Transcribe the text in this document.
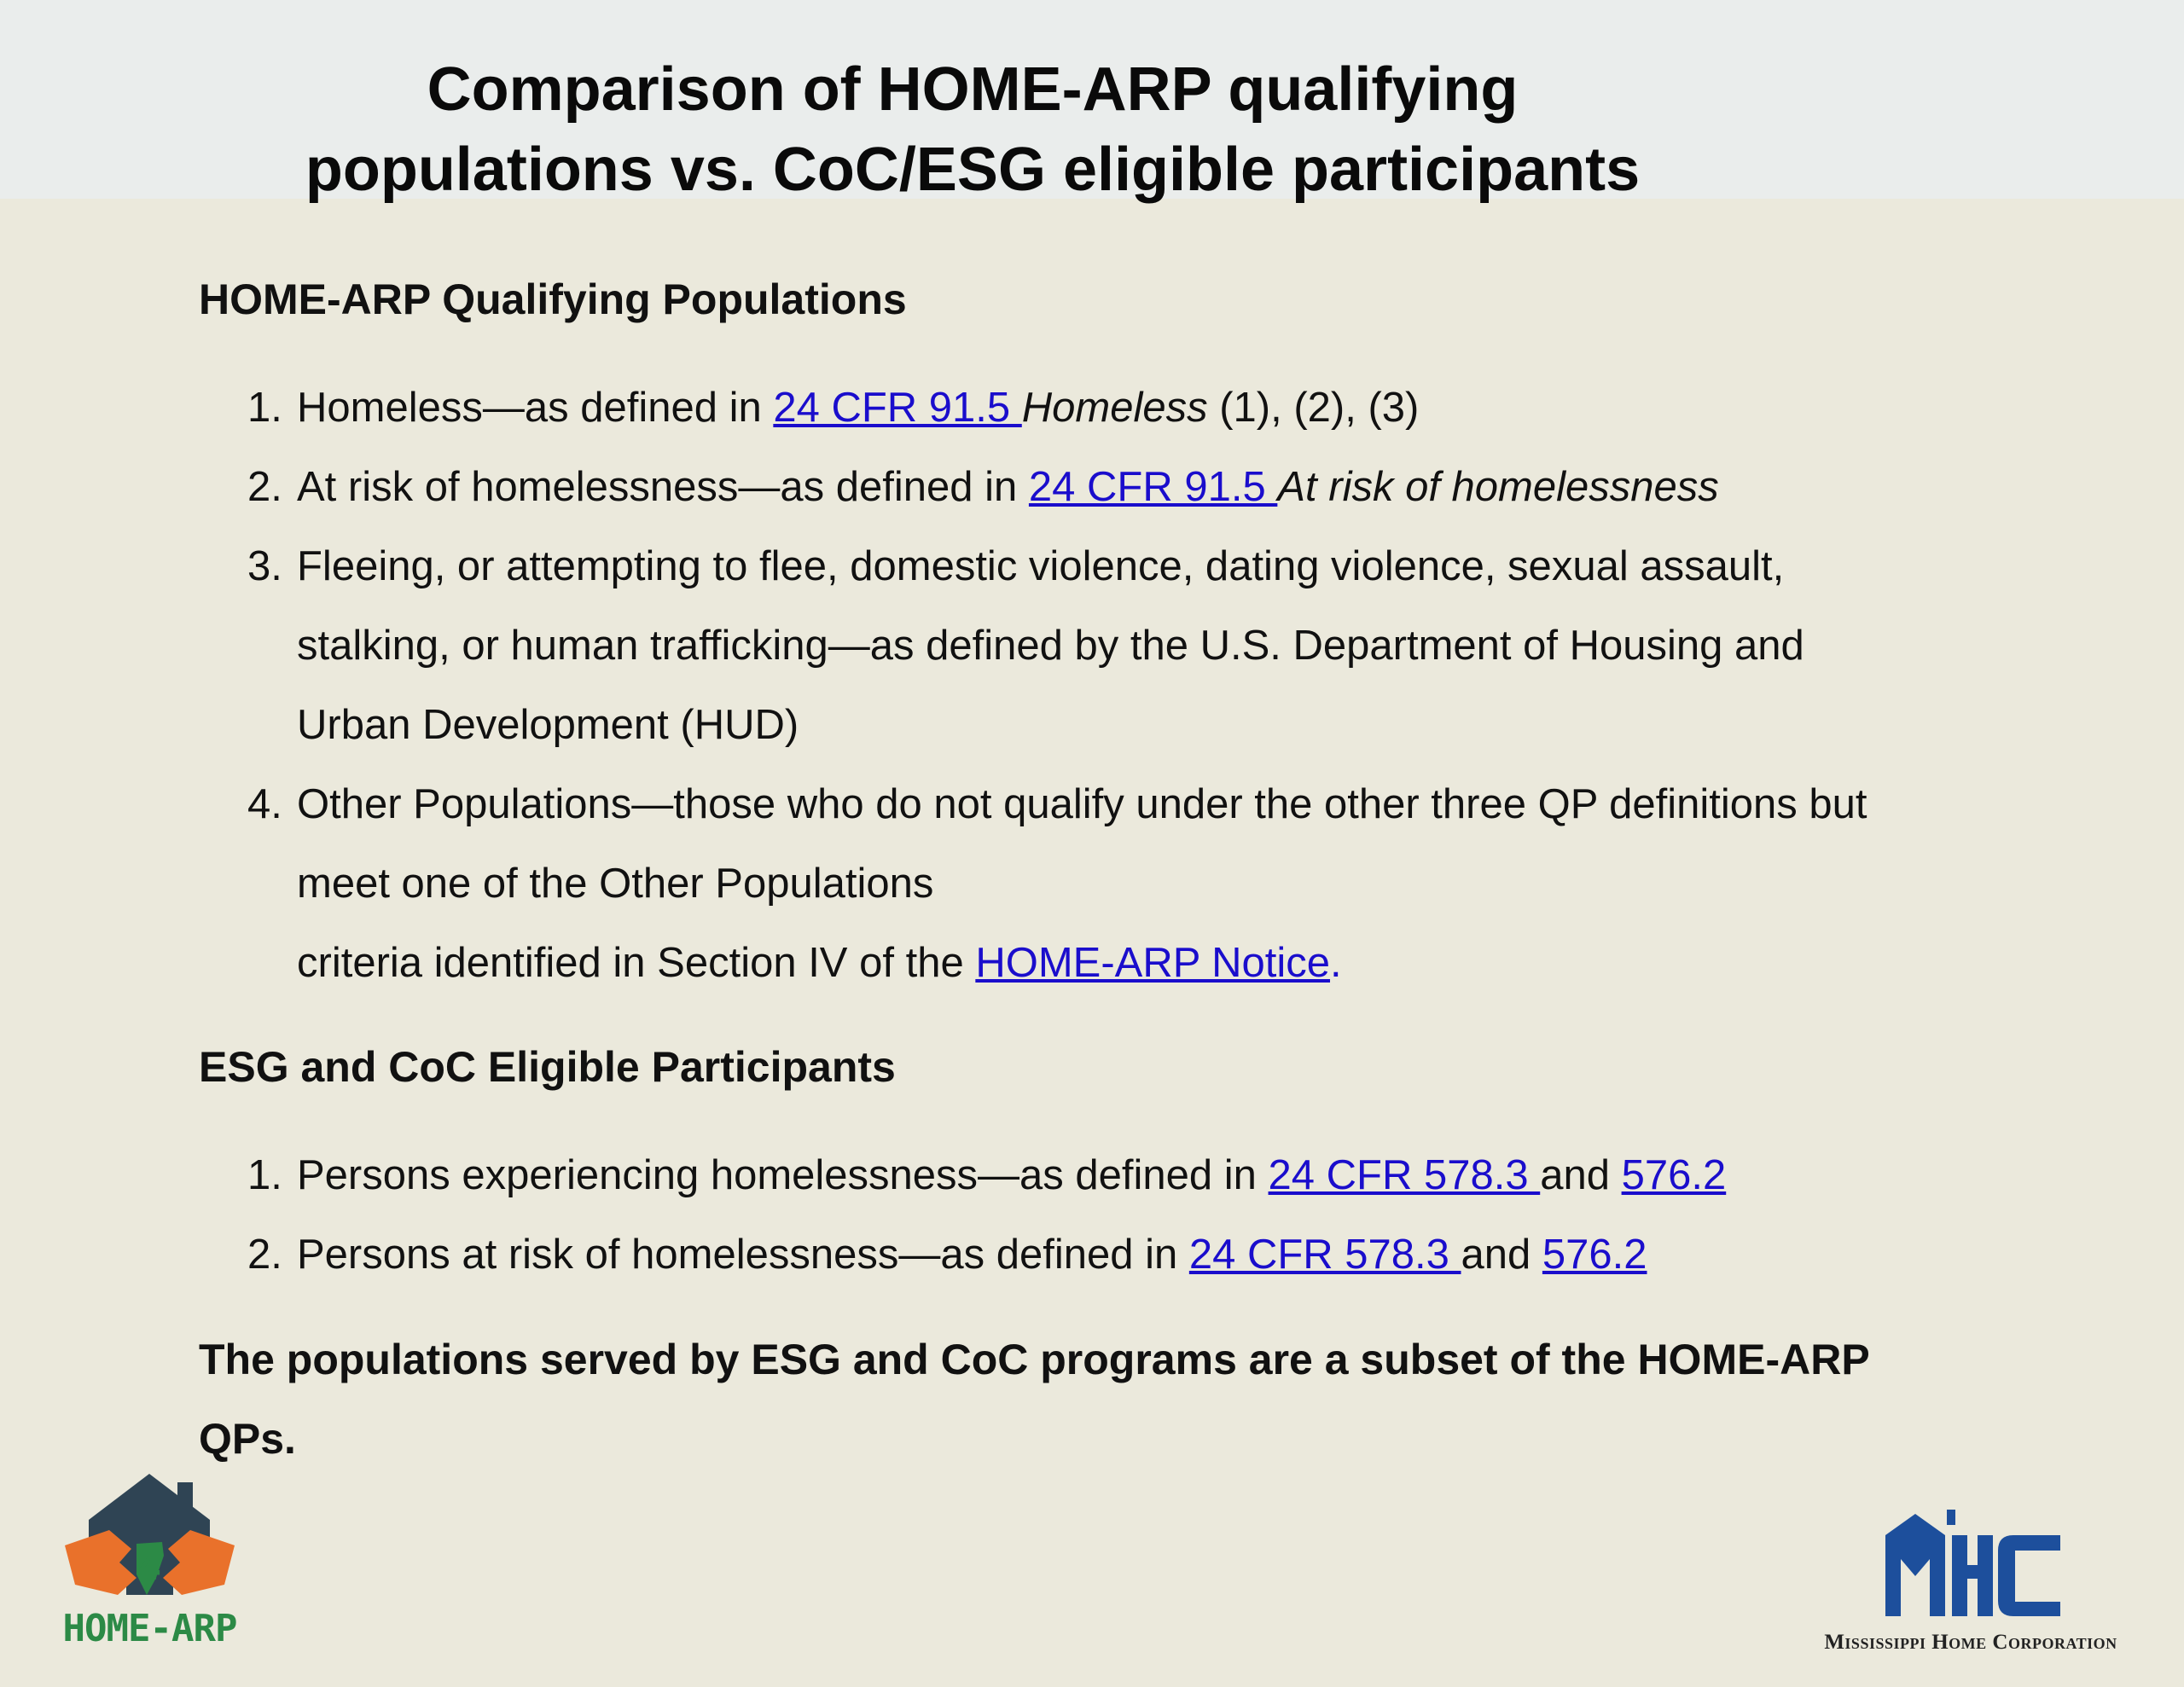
Comparison of HOME-ARP qualifying
populations vs. CoC/ESG eligible participants
HOME-ARP Qualifying Populations
1. Homeless—as defined in 24 CFR 91.5 Homeless (1), (2), (3)
2. At risk of homelessness—as defined in 24 CFR 91.5 At risk of homelessness
3. Fleeing, or attempting to flee, domestic violence, dating violence, sexual assault,
stalking, or human trafficking—as defined by the U.S. Department of Housing and
Urban Development (HUD)
4. Other Populations—those who do not qualify under the other three QP definitions but
meet one of the Other Populations
criteria identified in Section IV of the HOME-ARP Notice.
ESG and CoC Eligible Participants
1. Persons experiencing homelessness—as defined in 24 CFR 578.3 and 576.2
2. Persons at risk of homelessness—as defined in 24 CFR 578.3 and 576.2
The populations served by ESG and CoC programs are a subset of the HOME-ARP QPs.
4
HOME-ARP	Mississippi Home Corporation
